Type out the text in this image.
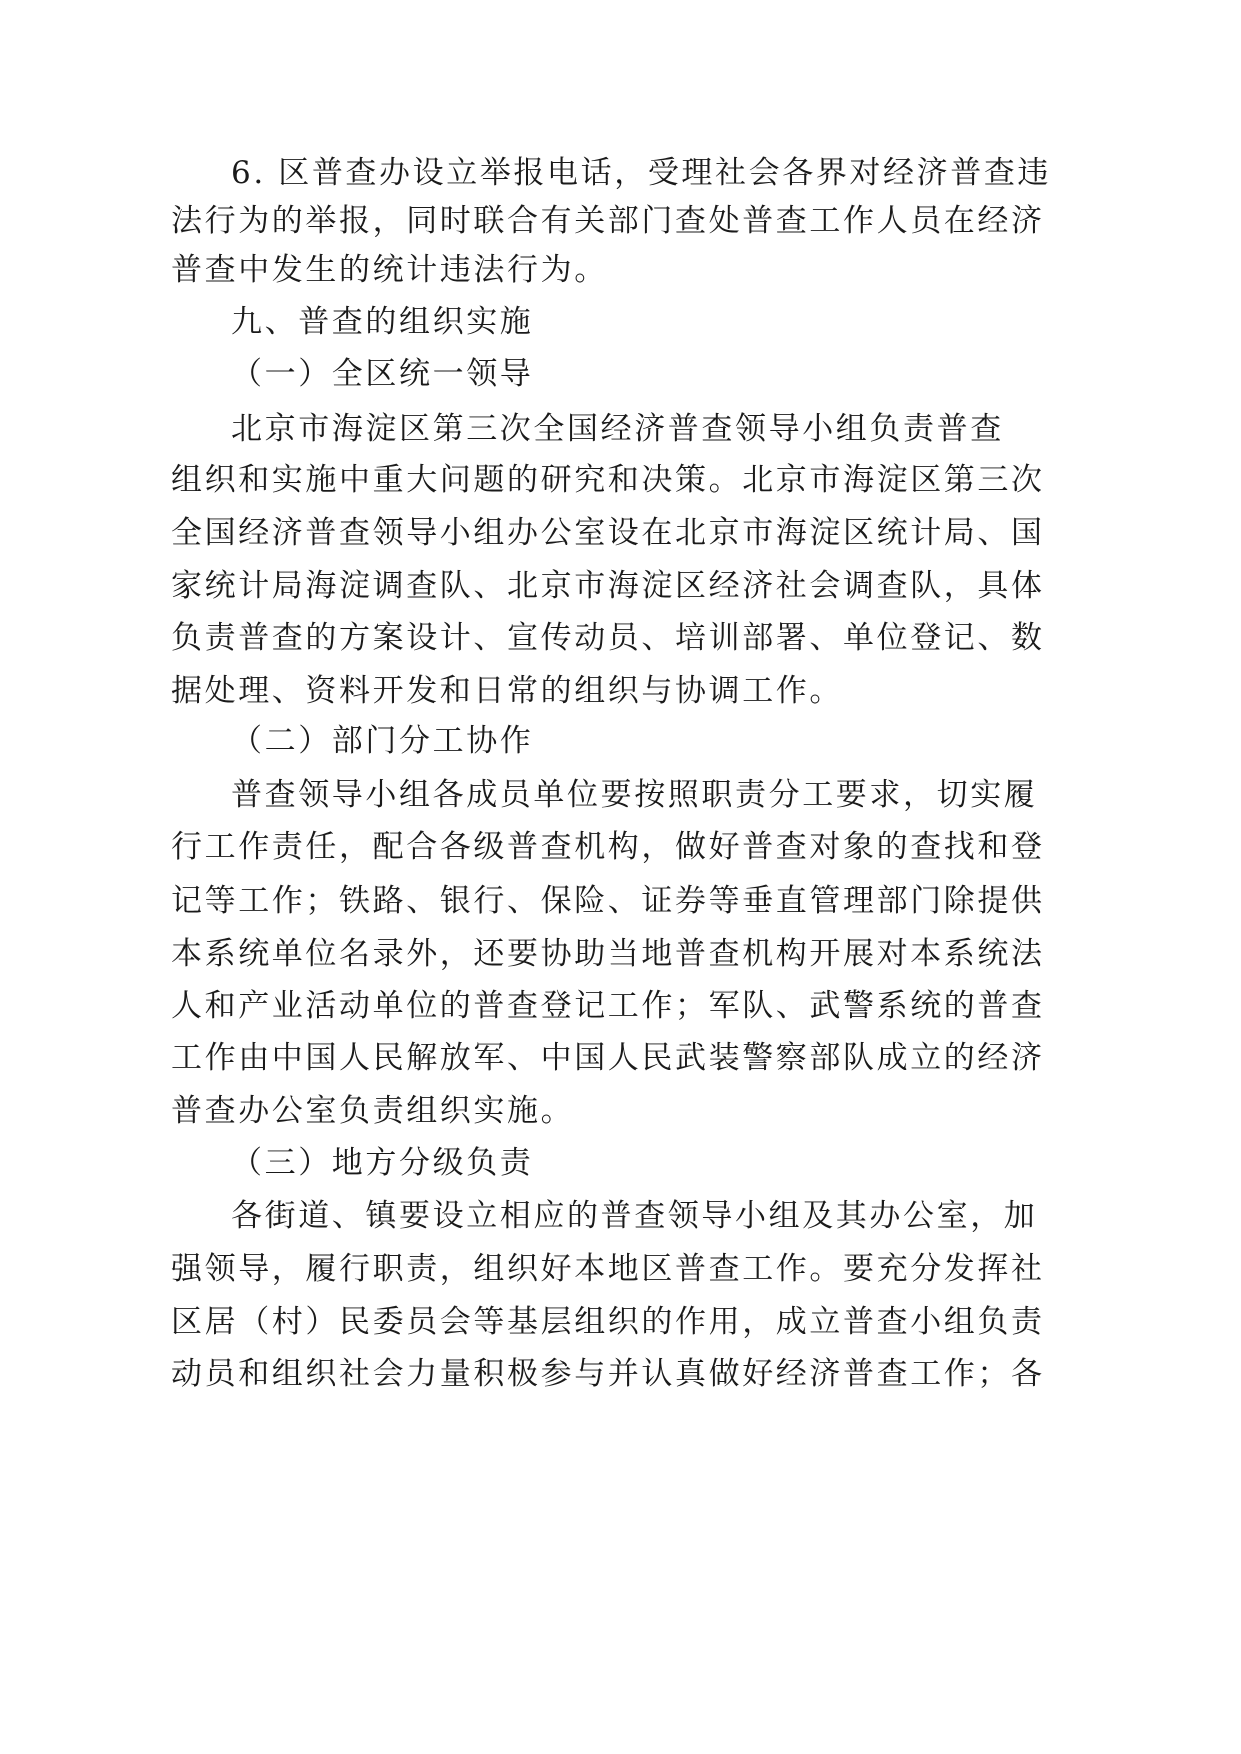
6. 区普查办设立举报电话，受理社会各界对经济普查违
法行为的举报，同时联合有关部门查处普查工作人员在经济
普查中发生的统计违法行为。
九、普查的组织实施
（一）全区统一领导
北京市海淀区第三次全国经济普查领导小组负责普查
组织和实施中重大问题的研究和决策。北京市海淀区第三次
全国经济普查领导小组办公室设在北京市海淀区统计局、国
家统计局海淀调查队、北京市海淀区经济社会调查队，具体
负责普查的方案设计、宣传动员、培训部署、单位登记、数
据处理、资料开发和日常的组织与协调工作。
（二）部门分工协作
普查领导小组各成员单位要按照职责分工要求，切实履
行工作责任，配合各级普查机构，做好普查对象的查找和登
记等工作；铁路、银行、保险、证券等垂直管理部门除提供
本系统单位名录外，还要协助当地普查机构开展对本系统法
人和产业活动单位的普查登记工作；军队、武警系统的普查
工作由中国人民解放军、中国人民武装警察部队成立的经济
普查办公室负责组织实施。
（三）地方分级负责
各街道、镇要设立相应的普查领导小组及其办公室，加
强领导，履行职责，组织好本地区普查工作。要充分发挥社
区居（村）民委员会等基层组织的作用，成立普查小组负责
动员和组织社会力量积极参与并认真做好经济普查工作；各
